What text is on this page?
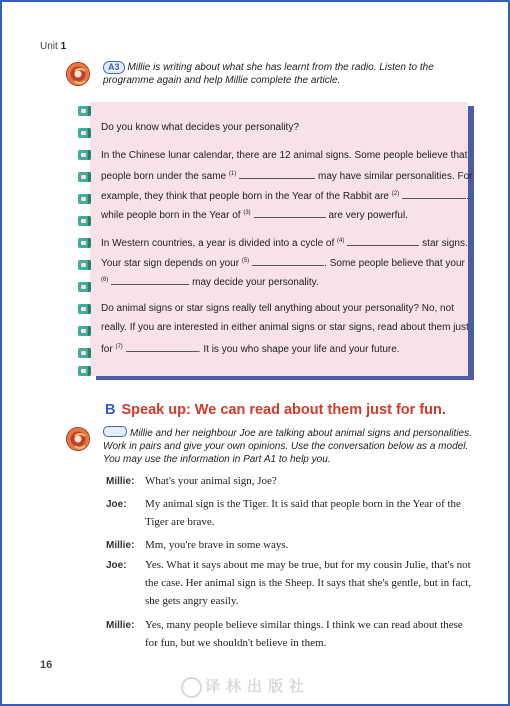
Unit 1
A3 Millie is writing about what she has learnt from the radio. Listen to the
programme again and help Millie complete the article.
Do you know what decides your personality?
In the Chinese lunar calendar, there are 12 animal signs. Some people believe that
people born under the same $^{(1)}$	may have similar personalities. For
example, they think that people born in the Year of the Rabbit are $^{(2)}$	.
while people born in the Year of $^{(3)}$	are very powerful.
In Western countries, a year is divided into a cycle of $^{(4)}$	star signs.
Your star sign depends on your $^{(5)}$	. Some people believe that your
$^{(6)}$	may decide your personality.
Do animal signs or star signs really tell anything about your personality? No, not
really. If you are interested in either animal signs or star signs, read about them just
for $^{(7)}$	. It is you who shape your life and your future.
B Speak up: We can read about them just for fun.
Millie and her neighbour Joe are talking about animal signs and personalities.
Work in pairs and give your own opinions. Use the conversation below as a model.
You may use the information in Part A1 to help you.
Millie: What's your animal sign, Joe?
Joe: My animal sign is the Tiger. It is said that people born in the Year of the Tiger are brave.
Millie: Mm, you're brave in some ways.
Joe: Yes. What it says about me may be true, but for my cousin Julie, that's not the case. Her animal sign is the Sheep. It says that she's gentle, but in fact, she gets angry easily.
Millie: Yes, many people believe similar things. I think we can read about these for fun, but we shouldn't believe in them.
16
译林出版社
